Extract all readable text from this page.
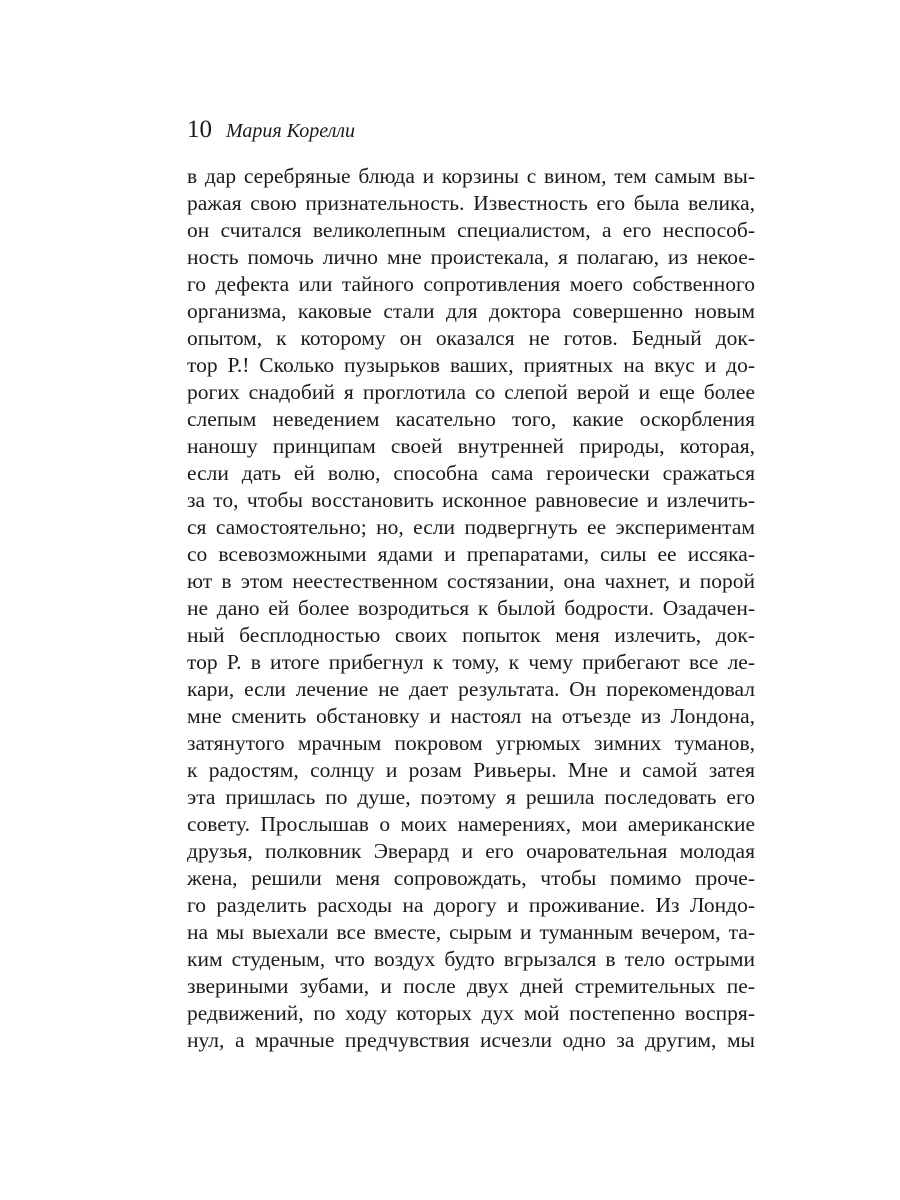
10 Мария Корелли
в дар серебряные блюда и корзины с вином, тем самым вы-
ражая свою признательность. Известность его была велика,
он считался великолепным специалистом, а его неспособ-
ность помочь лично мне проистекала, я полагаю, из некое-
го дефекта или тайного сопротивления моего собственного
организма, каковые стали для доктора совершенно новым
опытом, к которому он оказался не готов. Бедный док-
тор Р.! Сколько пузырьков ваших, приятных на вкус и до-
рогих снадобий я проглотила со слепой верой и еще более
слепым неведением касательно того, какие оскорбления
наношу принципам своей внутренней природы, которая,
если дать ей волю, способна сама героически сражаться
за то, чтобы восстановить исконное равновесие и излечить-
ся самостоятельно; но, если подвергнуть ее экспериментам
со всевозможными ядами и препаратами, силы ее иссяка-
ют в этом неестественном состязании, она чахнет, и порой
не дано ей более возродиться к былой бодрости. Озадачен-
ный бесплодностью своих попыток меня излечить, док-
тор Р. в итоге прибегнул к тому, к чему прибегают все ле-
кари, если лечение не дает результата. Он порекомендовал
мне сменить обстановку и настоял на отъезде из Лондона,
затянутого мрачным покровом угрюмых зимних туманов,
к радостям, солнцу и розам Ривьеры. Мне и самой затея
эта пришлась по душе, поэтому я решила последовать его
совету. Прослышав о моих намерениях, мои американские
друзья, полковник Эверард и его очаровательная молодая
жена, решили меня сопровождать, чтобы помимо проче-
го разделить расходы на дорогу и проживание. Из Лондо-
на мы выехали все вместе, сырым и туманным вечером, та-
ким студеным, что воздух будто вгрызался в тело острыми
звериными зубами, и после двух дней стремительных пе-
редвижений, по ходу которых дух мой постепенно воспря-
нул, а мрачные предчувствия исчезли одно за другим, мы
